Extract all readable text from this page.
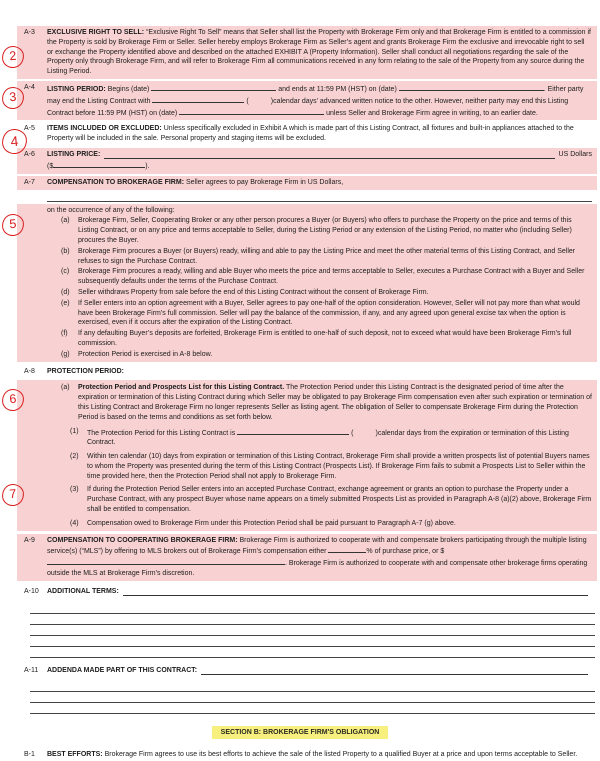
2
3
4
5
6
7
A-3	EXCLUSIVE RIGHT TO SELL: “Exclusive Right To Sell” means that Seller shall list the Property with Brokerage Firm only and that Brokerage Firm is entitled to a commission if the Property is sold by Brokerage Firm or Seller. Seller hereby employs Brokerage Firm as Seller’s agent and grants Brokerage Firm the exclusive and irrevocable right to sell or exchange the Property identified above and described on the attached EXHIBIT A (Property Information). Seller shall conduct all negotiations regarding the sale of the Property only through Brokerage Firm, and will refer to Brokerage Firm all communications received in any form relating to the sale of the Property from any source during the Listing Period.

A-4	LISTING PERIOD: Begins (date)	and ends at 11:59 PM (HST) on (date)	. Either party may end the Listing Contract with	(	)calendar days’ advanced written notice to the other. However, neither party may end this Listing Contract before 11:59 PM (HST) on (date)	unless Seller and Brokerage Firm agree in writing, to an earlier date.

A-5	ITEMS INCLUDED OR EXCLUDED: Unless specifically excluded in Exhibit A which is made part of this Listing Contract, all fixtures and built-in appliances attached to the Property will be included in the sale. Personal property and staging items will be excluded.

A-6	LISTING PRICE:	US Dollars

($	).

A-7	COMPENSATION TO BROKERAGE FIRM: Seller agrees to pay Brokerage Firm in US Dollars,

on the occurrence of any of the following:

(a)	Brokerage Firm, Seller, Cooperating Broker or any other person procures a Buyer (or Buyers) who offers to purchase the Property on the price and terms of this Listing Contract, or on any price and terms acceptable to Seller, during the Listing Period or any extension of the Listing Period, no matter who (including Seller) procures the Buyer.
(b)	Brokerage Firm procures a Buyer (or Buyers) ready, willing and able to pay the Listing Price and meet the other material terms of this Listing Contract, and Seller refuses to sign the Purchase Contract.
(c)	Brokerage Firm procures a ready, willing and able Buyer who meets the price and terms acceptable to Seller, executes a Purchase Contract with a Buyer and Seller subsequently defaults under the terms of the Purchase Contract.
(d)	Seller withdraws Property from sale before the end of this Listing Contract without the consent of Brokerage Firm.
(e)	If Seller enters into an option agreement with a Buyer, Seller agrees to pay one-half of the option consideration. However, Seller will not pay more than what would have been Brokerage Firm’s full commission. Seller will pay the balance of the commission, if any, and any agreed upon general excise tax when the option is exercised, even if it occurs after the expiration of the Listing Contract.
(f)	If any defaulting Buyer’s deposits are forfeited, Brokerage Firm is entitled to one-half of such deposit, not to exceed what would have been Brokerage Firm’s full commission.
(g)	Protection Period is exercised in A-8 below.
A-8	PROTECTION PERIOD:

(a)	Protection Period and Prospects List for this Listing Contract. The Protection Period under this Listing Contract is the designated period of time after the expiration or termination of this Listing Contract during which Seller may be obligated to pay Brokerage Firm compensation even after such expiration or termination of this Listing Contract and Brokerage Firm no longer represents Seller as listing agent. The obligation of Seller to compensate Brokerage Firm during the Protection Period is based on the terms and conditions as set forth below.
(1)	The Protection Period for this Listing Contract is	(	)calendar days from the expiration or termination of this Listing Contract.
(2)	Within ten calendar (10) days from expiration or termination of this Listing Contract, Brokerage Firm shall provide a written prospects list of potential Buyers names to whom the Property was presented during the term of this Listing Contract (Prospects List). If Brokerage Firm fails to submit a Prospects List to Seller within the time provided here, then the Protection Period shall not apply to Brokerage Firm.
(3)	If during the Protection Period Seller enters into an accepted Purchase Contract, exchange agreement or grants an option to purchase the Property under a Purchase Contract, with any prospect Buyer whose name appears on a timely submitted Prospects List as provided in Paragraph A-8 (a)(2) above, Brokerage Firm shall be entitled to compensation.
(4)	Compensation owed to Brokerage Firm under this Protection Period shall be paid pursuant to Paragraph A-7 (g) above.
A-9	COMPENSATION TO COOPERATING BROKERAGE FIRM: Brokerage Firm is authorized to cooperate with and compensate brokers participating through the multiple listing service(s) (“MLS”) by offering to MLS brokers out of Brokerage Firm’s compensation either	% of purchase price, or $. Brokerage Firm is authorized to cooperate with and compensate other brokerage firms operating outside the MLS at Brokerage Firm’s discretion.

A-10	ADDITIONAL TERMS:
A-11	ADDENDA MADE PART OF THIS CONTRACT:
SECTION B: BROKERAGE FIRM'S OBLIGATION
B-1	BEST EFFORTS: Brokerage Firm agrees to use its best efforts to achieve the sale of the listed Property to a qualified Buyer at a price and upon terms acceptable to Seller.
